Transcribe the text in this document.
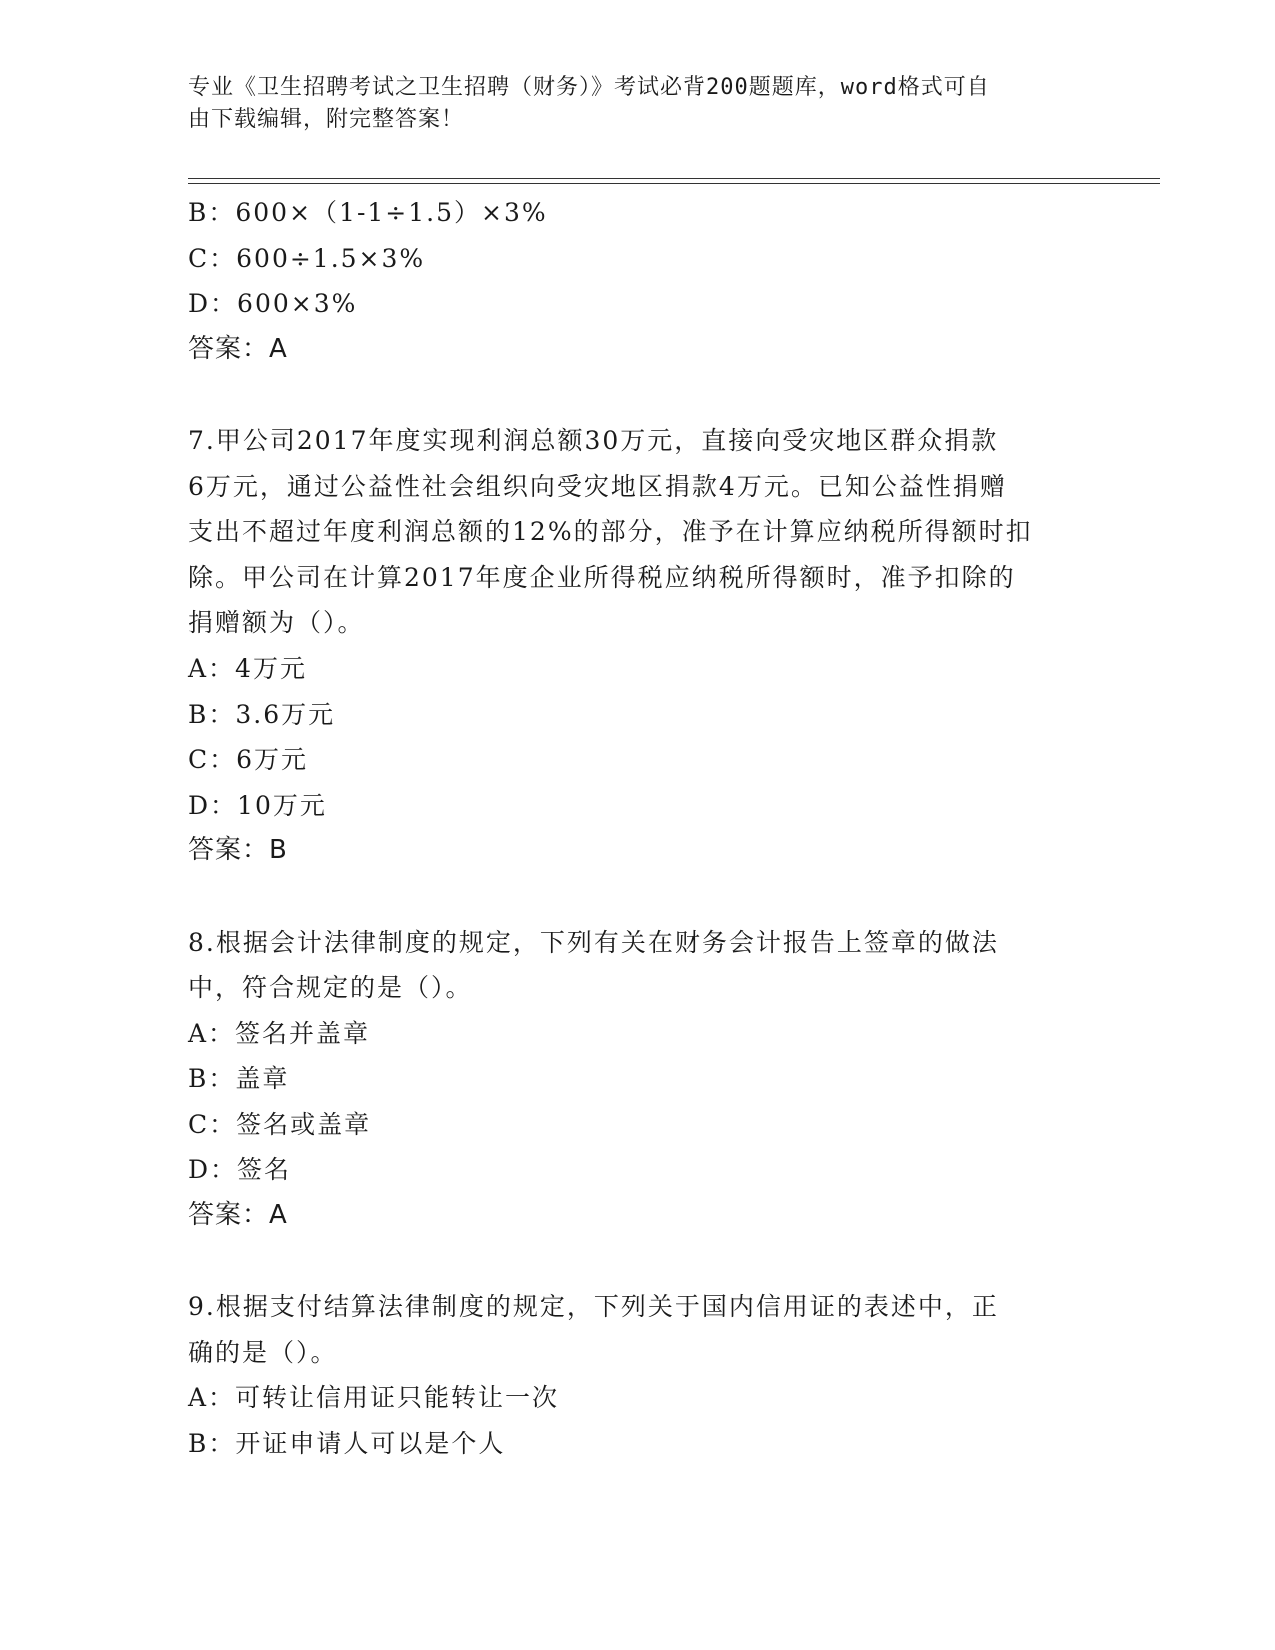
专业《卫生招聘考试之卫生招聘（财务）》考试必背200题题库，word格式可自
由下载编辑，附完整答案！
B：600×（1-1÷1.5）×3%
C：600÷1.5×3%
D：600×3%
答案：A
7.甲公司2017年度实现利润总额30万元，直接向受灾地区群众捐款
6万元，通过公益性社会组织向受灾地区捐款4万元。已知公益性捐赠
支出不超过年度利润总额的12%的部分，准予在计算应纳税所得额时扣
除。甲公司在计算2017年度企业所得税应纳税所得额时，准予扣除的
捐赠额为（）。
A：4万元
B：3.6万元
C：6万元
D：10万元
答案：B
8.根据会计法律制度的规定，下列有关在财务会计报告上签章的做法
中，符合规定的是（）。
A：签名并盖章
B：盖章
C：签名或盖章
D：签名
答案：A
9.根据支付结算法律制度的规定，下列关于国内信用证的表述中，正
确的是（）。
A：可转让信用证只能转让一次
B：开证申请人可以是个人
